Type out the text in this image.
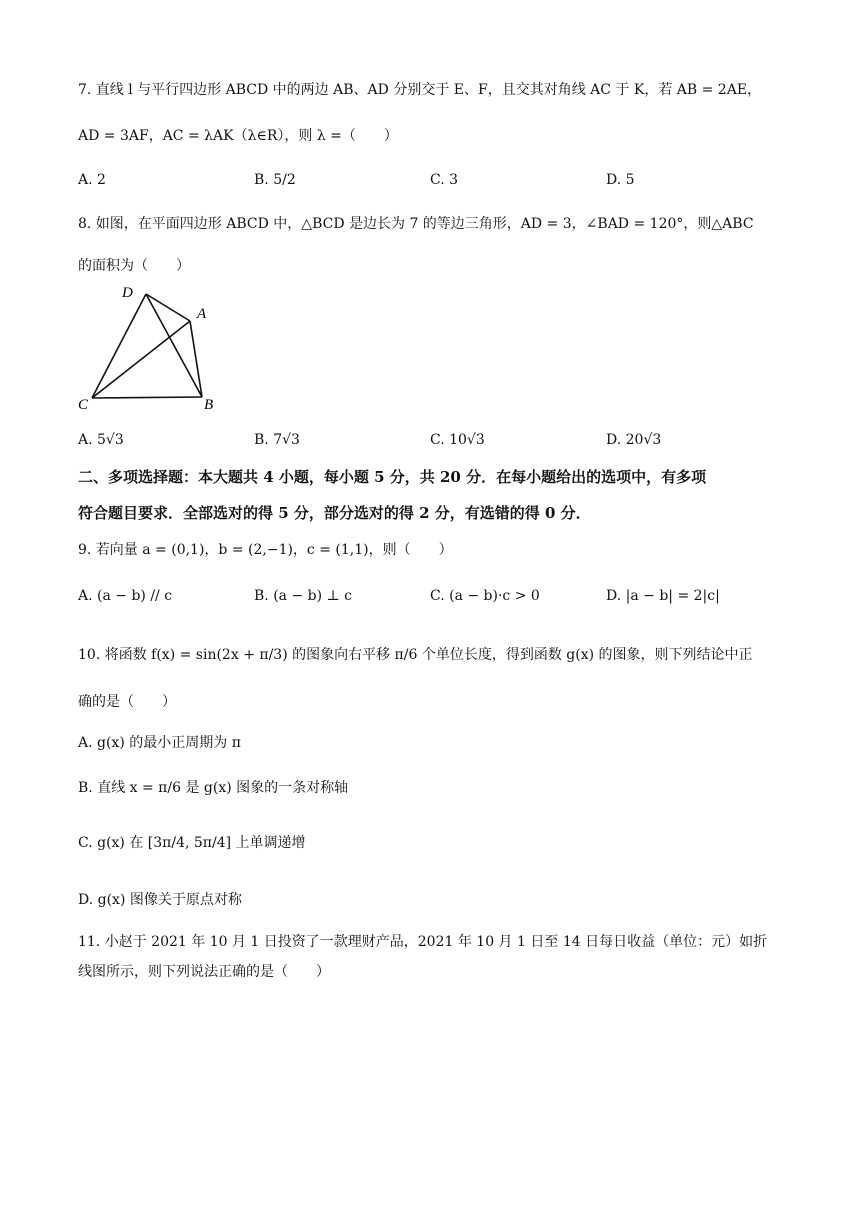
7. 直线 l 与平行四边形 ABCD 中的两边 AB、AD 分别交于 E、F，且交其对角线 AC 于 K，若 AB = 2AE，
AD = 3AF，AC = λAK（λ∈R），则 λ =（　　）
A. 2	B. 5/2	C. 3	D. 5
8. 如图，在平面四边形 ABCD 中，△BCD 是边长为 7 的等边三角形，AD = 3，∠BAD = 120°，则△ABC
的面积为（　　）
D
A
C	B
A. 5√3	B. 7√3	C. 10√3	D. 20√3
二、多项选择题：本大题共 4 小题，每小题 5 分，共 20 分．在每小题给出的选项中，有多项
符合题目要求．全部选对的得 5 分，部分选对的得 2 分，有选错的得 0 分．
9. 若向量 a = (0,1)，b = (2,−1)，c = (1,1)，则（　　）
A. (a − b) // c	B. (a − b) ⊥ c	C. (a − b)·c > 0	D. |a − b| = 2|c|
10. 将函数 f(x) = sin(2x + π/3) 的图象向右平移 π/6 个单位长度，得到函数 g(x) 的图象，则下列结论中正
确的是（　　）
A. g(x) 的最小正周期为 π
B. 直线 x = π/6 是 g(x) 图象的一条对称轴
C. g(x) 在 [3π/4, 5π/4] 上单调递增
D. g(x) 图像关于原点对称
11. 小赵于 2021 年 10 月 1 日投资了一款理财产品，2021 年 10 月 1 日至 14 日每日收益（单位：元）如折
线图所示，则下列说法正确的是（　　）
